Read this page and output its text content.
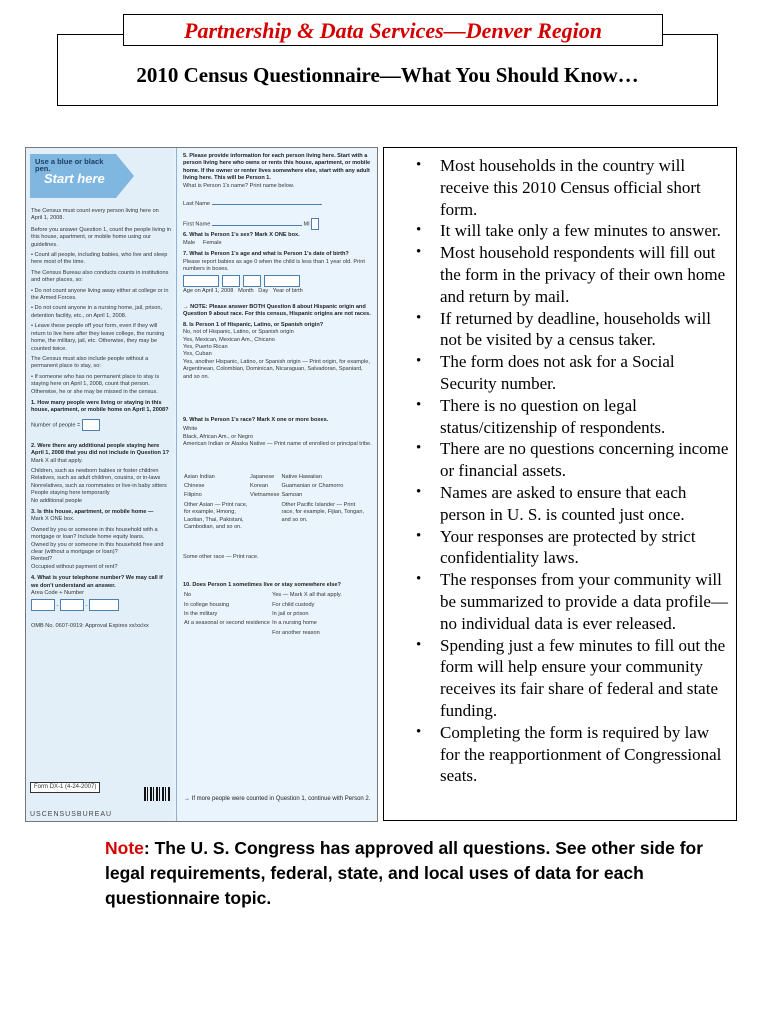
Partnership & Data Services—Denver Region
2010 Census Questionnaire—What You Should Know…
Use a blue or black pen.
Start here

The Census must count every person living here on April 1, 2008.

Before you answer Question 1, count the people living in this house, apartment, or mobile home using our guidelines.

• Count all people, including babies, who live and sleep here most of the time.

The Census Bureau also conducts counts in institutions and other places, so:

• Do not count anyone living away either at college or in the Armed Forces.

• Do not count anyone in a nursing home, jail, prison, detention facility, etc., on April 1, 2008.

• Leave these people off your form, even if they will return to live here after they leave college, the nursing home, the military, jail, etc. Otherwise, they may be counted twice.

The Census must also include people without a permanent place to stay, so:

• If someone who has no permanent place to stay is staying here on April 1, 2008, count that person. Otherwise, he or she may be missed in the census.

1. How many people were living or staying in this house, apartment, or mobile home on April 1, 2008?

Number of people =

2. Were there any additional people staying here April 1, 2008 that you did not include in Question 1?

Mark X all that apply.

Children, such as newborn babies or foster children

Relatives, such as adult children, cousins, or in-laws

Nonrelatives, such as roommates or live-in baby sitters

People staying here temporarily

No additional people

3. Is this house, apartment, or mobile home —

Mark X ONE box.

Owned by you or someone in this household with a mortgage or loan? Include home equity loans.

Owned by you or someone in this household free and clear (without a mortgage or loan)?

Rented?

Occupied without payment of rent?

4. What is your telephone number? We may call if we don't understand an answer.

Area Code + Number

-	-

OMB No. 0607-0919: Approval Expires xx/xx/xx

Form DX-1 (4-24-2007)
USCENSUSBUREAU

5. Please provide information for each person living here. Start with a person living here who owns or rents this house, apartment, or mobile home. If the owner or renter lives somewhere else, start with any adult living here. This will be Person 1.

What is Person 1's name? Print name below.

Last Name

First Name	MI

6. What is Person 1's sex? Mark X ONE box.

Male Female

7. What is Person 1's age and what is Person 1's date of birth?

Please report babies as age 0 when the child is less than 1 year old. Print numbers in boxes.

Age on April 1, 2008 Month Day Year of birth

→ NOTE: Please answer BOTH Question 8 about Hispanic origin and Question 9 about race. For this census, Hispanic origins are not races.

8. Is Person 1 of Hispanic, Latino, or Spanish origin?

No, not of Hispanic, Latino, or Spanish origin

Yes, Mexican, Mexican Am., Chicano

Yes, Puerto Rican

Yes, Cuban

Yes, another Hispanic, Latino, or Spanish origin — Print origin, for example, Argentinean, Colombian, Dominican, Nicaraguan, Salvadoran, Spaniard, and so on.

9. What is Person 1's race? Mark X one or more boxes.

White

Black, African Am., or Negro

American Indian or Alaska Native — Print name of enrolled or principal tribe.

Asian Indian	Japanese	Native Hawaiian
Chinese	Korean	Guamanian or Chamorro
Filipino	Vietnamese	Samoan
Other Asian — Print race, for example, Hmong, Laotian, Thai, Pakistani, Cambodian, and so on.		Other Pacific Islander — Print race, for example, Fijian, Tongan, and so on.

Some other race — Print race.

10. Does Person 1 sometimes live or stay somewhere else?

No	Yes — Mark X all that apply.
In college housing	For child custody
In the military	In jail or prison
At a seasonal or second residence	In a nursing home
	For another reason
→ If more people were counted in Question 1, continue with Person 2.
• Most households in the country will receive this 2010 Census official short form.
• It will take only a few minutes to answer.
• Most household respondents will fill out the form in the privacy of their own home and return by mail.
• If returned by deadline, households will not be visited by a census taker.
• The form does not ask for a Social Security number.
• There is no question on legal status/citizenship of respondents.
• There are no questions concerning income or financial assets.
• Names are asked to ensure that each person in U. S. is counted just once.
• Your responses are protected by strict confidentiality laws.
• The responses from your community will be summarized to provide a data profile—no individual data is ever released.
• Spending just a few minutes to fill out the form will help ensure your community receives its fair share of federal and state funding.
• Completing the form is required by law for the reapportionment of Congressional seats.
Note: The U. S. Congress has approved all questions. See other side for legal requirements, federal, state, and local uses of data for each questionnaire topic.
